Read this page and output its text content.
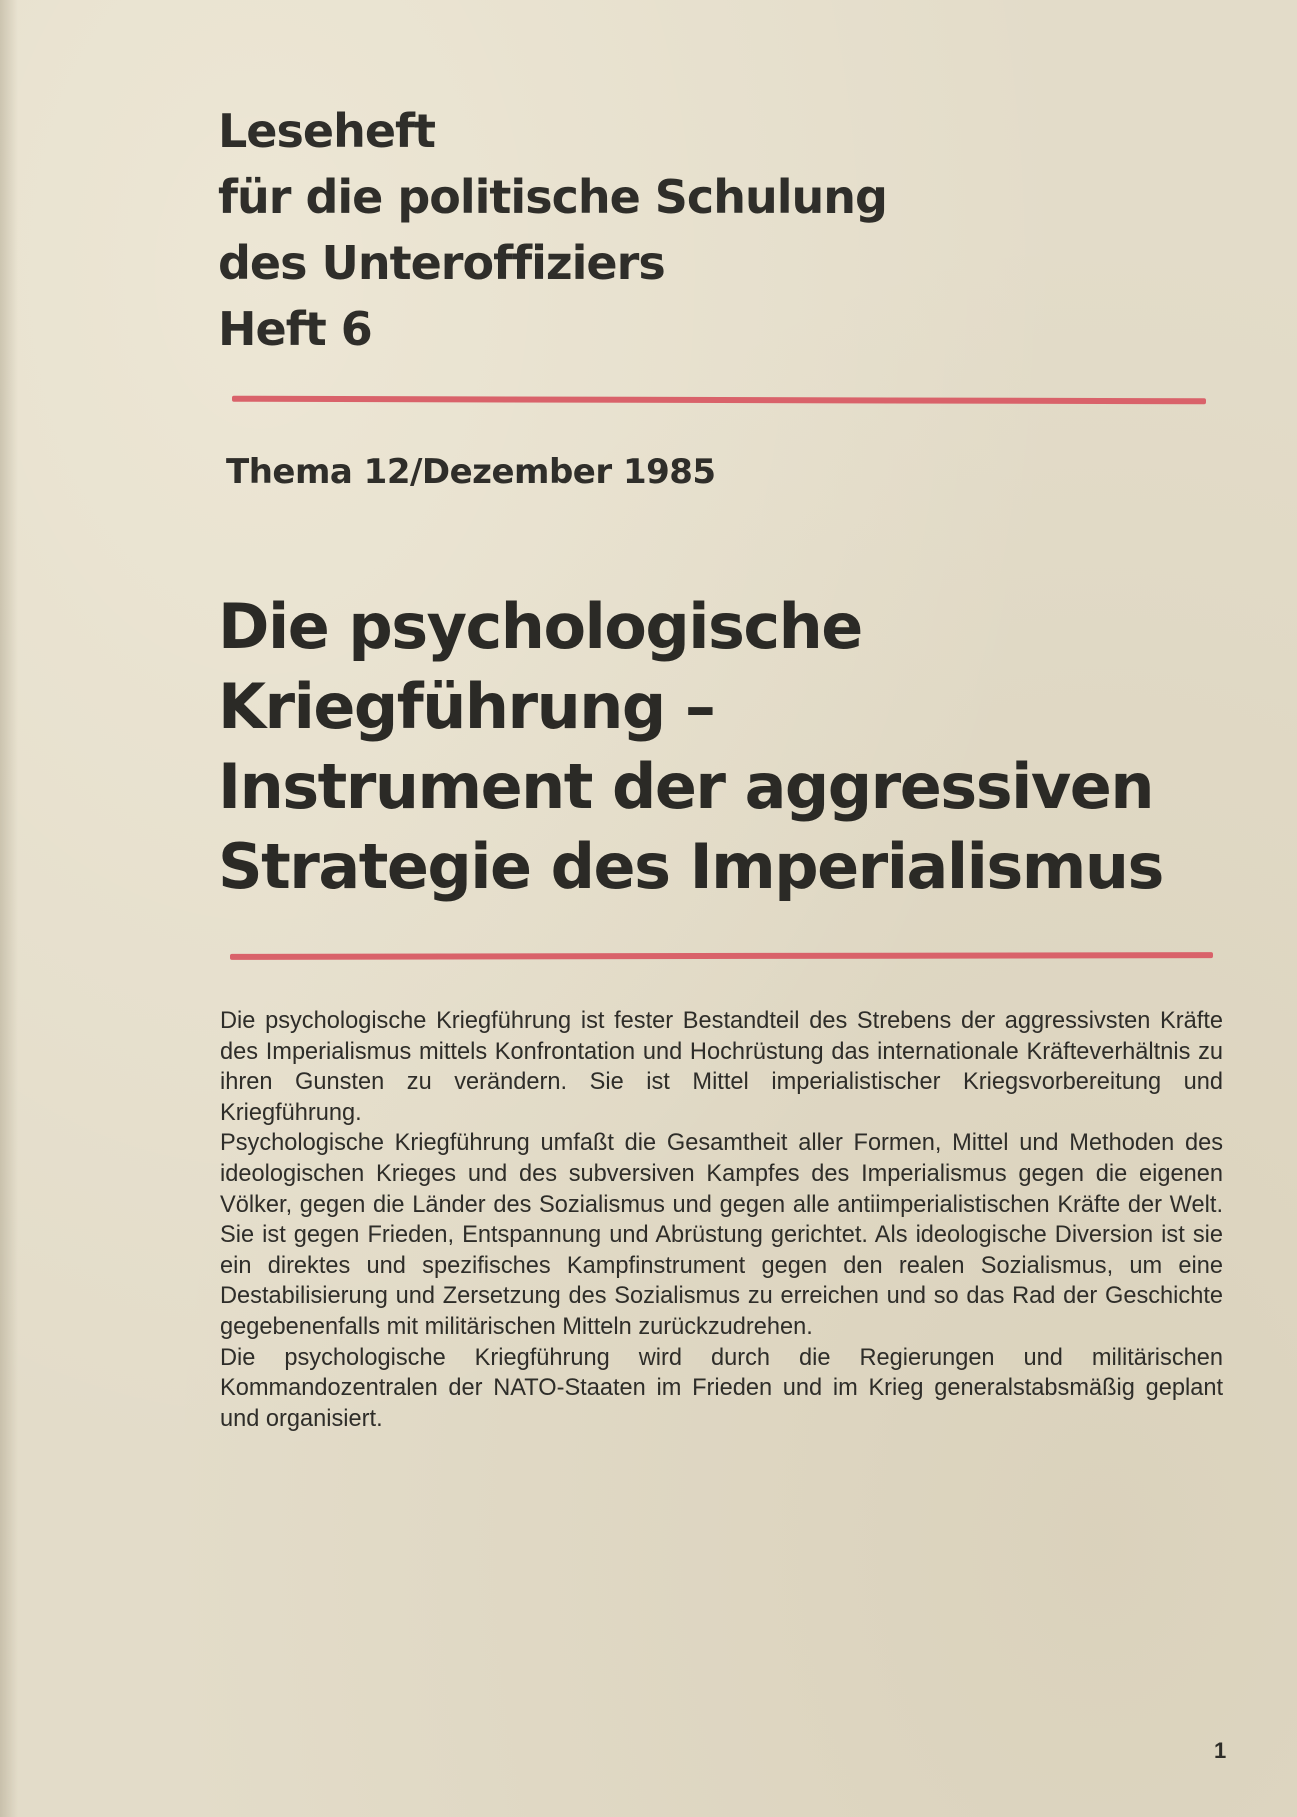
Leseheft
für die politische Schulung
des Unteroffiziers
Heft 6

Thema 12/Dezember 1985

Die psychologische
Kriegführung –
Instrument der aggressiven
Strategie des Imperialismus

Die psychologische Kriegführung ist fester Bestandteil des Strebens der aggressivsten Kräfte des Imperialismus mittels Konfrontation und Hochrüstung das internationale Kräfteverhältnis zu ihren Gunsten zu verändern. Sie ist Mittel imperialistischer Kriegsvorbereitung und Kriegführung.

Psychologische Kriegführung umfaßt die Gesamtheit aller Formen, Mittel und Methoden des ideologischen Krieges und des subversiven Kampfes des Imperialismus gegen die eigenen Völker, gegen die Länder des Sozialismus und gegen alle antiimperialistischen Kräfte der Welt. Sie ist gegen Frieden, Entspannung und Abrüstung gerichtet. Als ideologische Diversion ist sie ein direktes und spezifisches Kampfinstrument gegen den realen Sozialismus, um eine Destabilisierung und Zersetzung des Sozialismus zu erreichen und so das Rad der Geschichte gegebenenfalls mit militärischen Mitteln zurückzudrehen.

Die psychologische Kriegführung wird durch die Regierungen und militärischen Kommandozentralen der NATO-Staaten im Frieden und im Krieg generalstabsmäßig geplant und organisiert.

1
